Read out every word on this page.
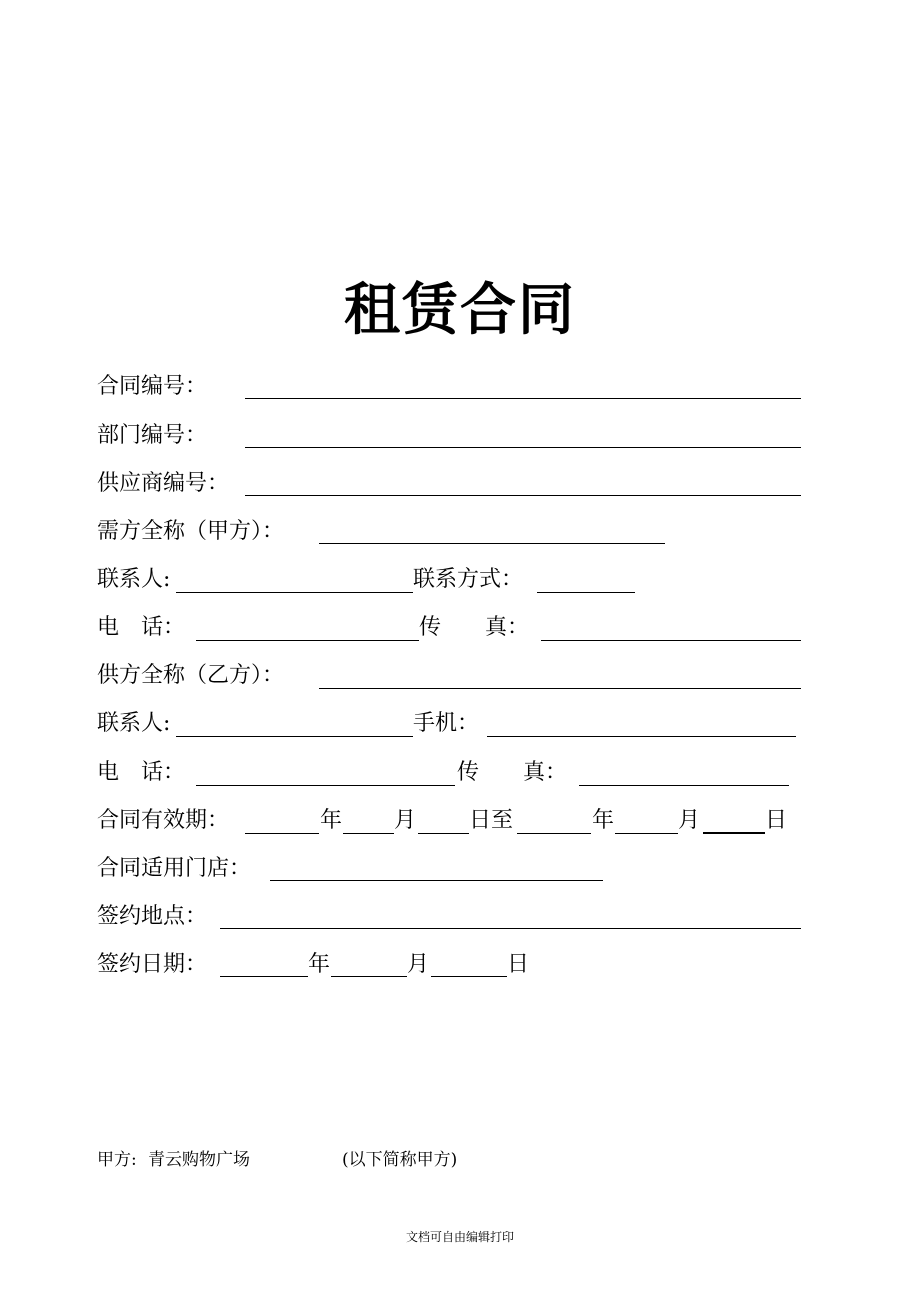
租赁合同
合同编号：
部门编号：
供应商编号：
需方全称（甲方）：
联系人:	联系方式：
电　话：	传　　真：
供方全称（乙方）：
联系人:	手机：
电　话：	传　　真：
合同有效期：	年 月 日至	年	月	日
合同适用门店：
签约地点：
签约日期：	年	月	日
甲方: 青云购物广场	(以下简称甲方)
文档可自由编辑打印
